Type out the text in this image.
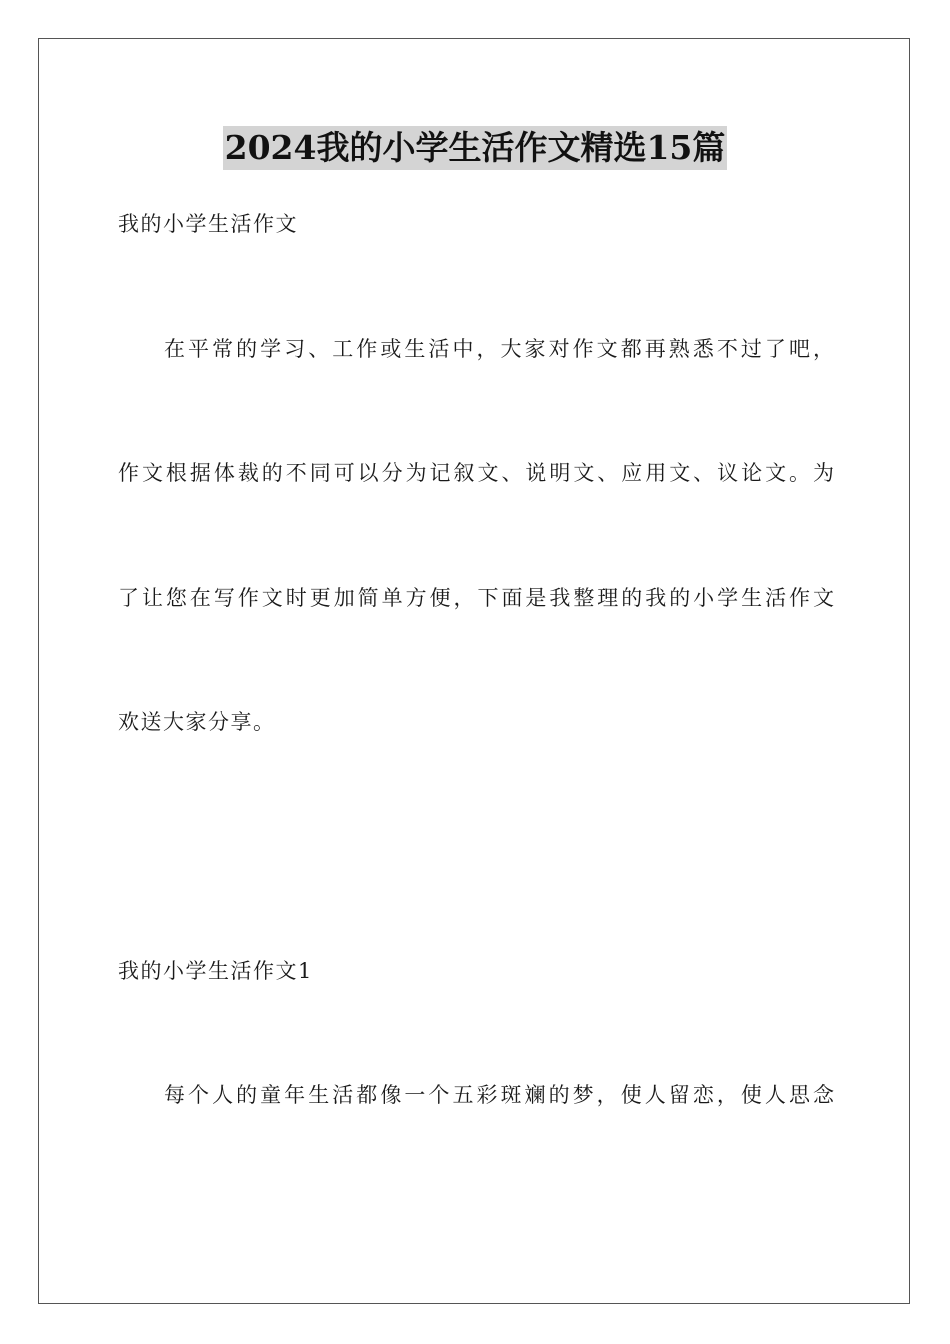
2024我的小学生活作文精选15篇
我的小学生活作文
在平常的学习、工作或生活中，大家对作文都再熟悉不过了吧，
作文根据体裁的不同可以分为记叙文、说明文、应用文、议论文。为
了让您在写作文时更加简单方便，下面是我整理的我的小学生活作文
欢送大家分享。
我的小学生活作文1
每个人的童年生活都像一个五彩斑斓的梦，使人留恋，使人思念
